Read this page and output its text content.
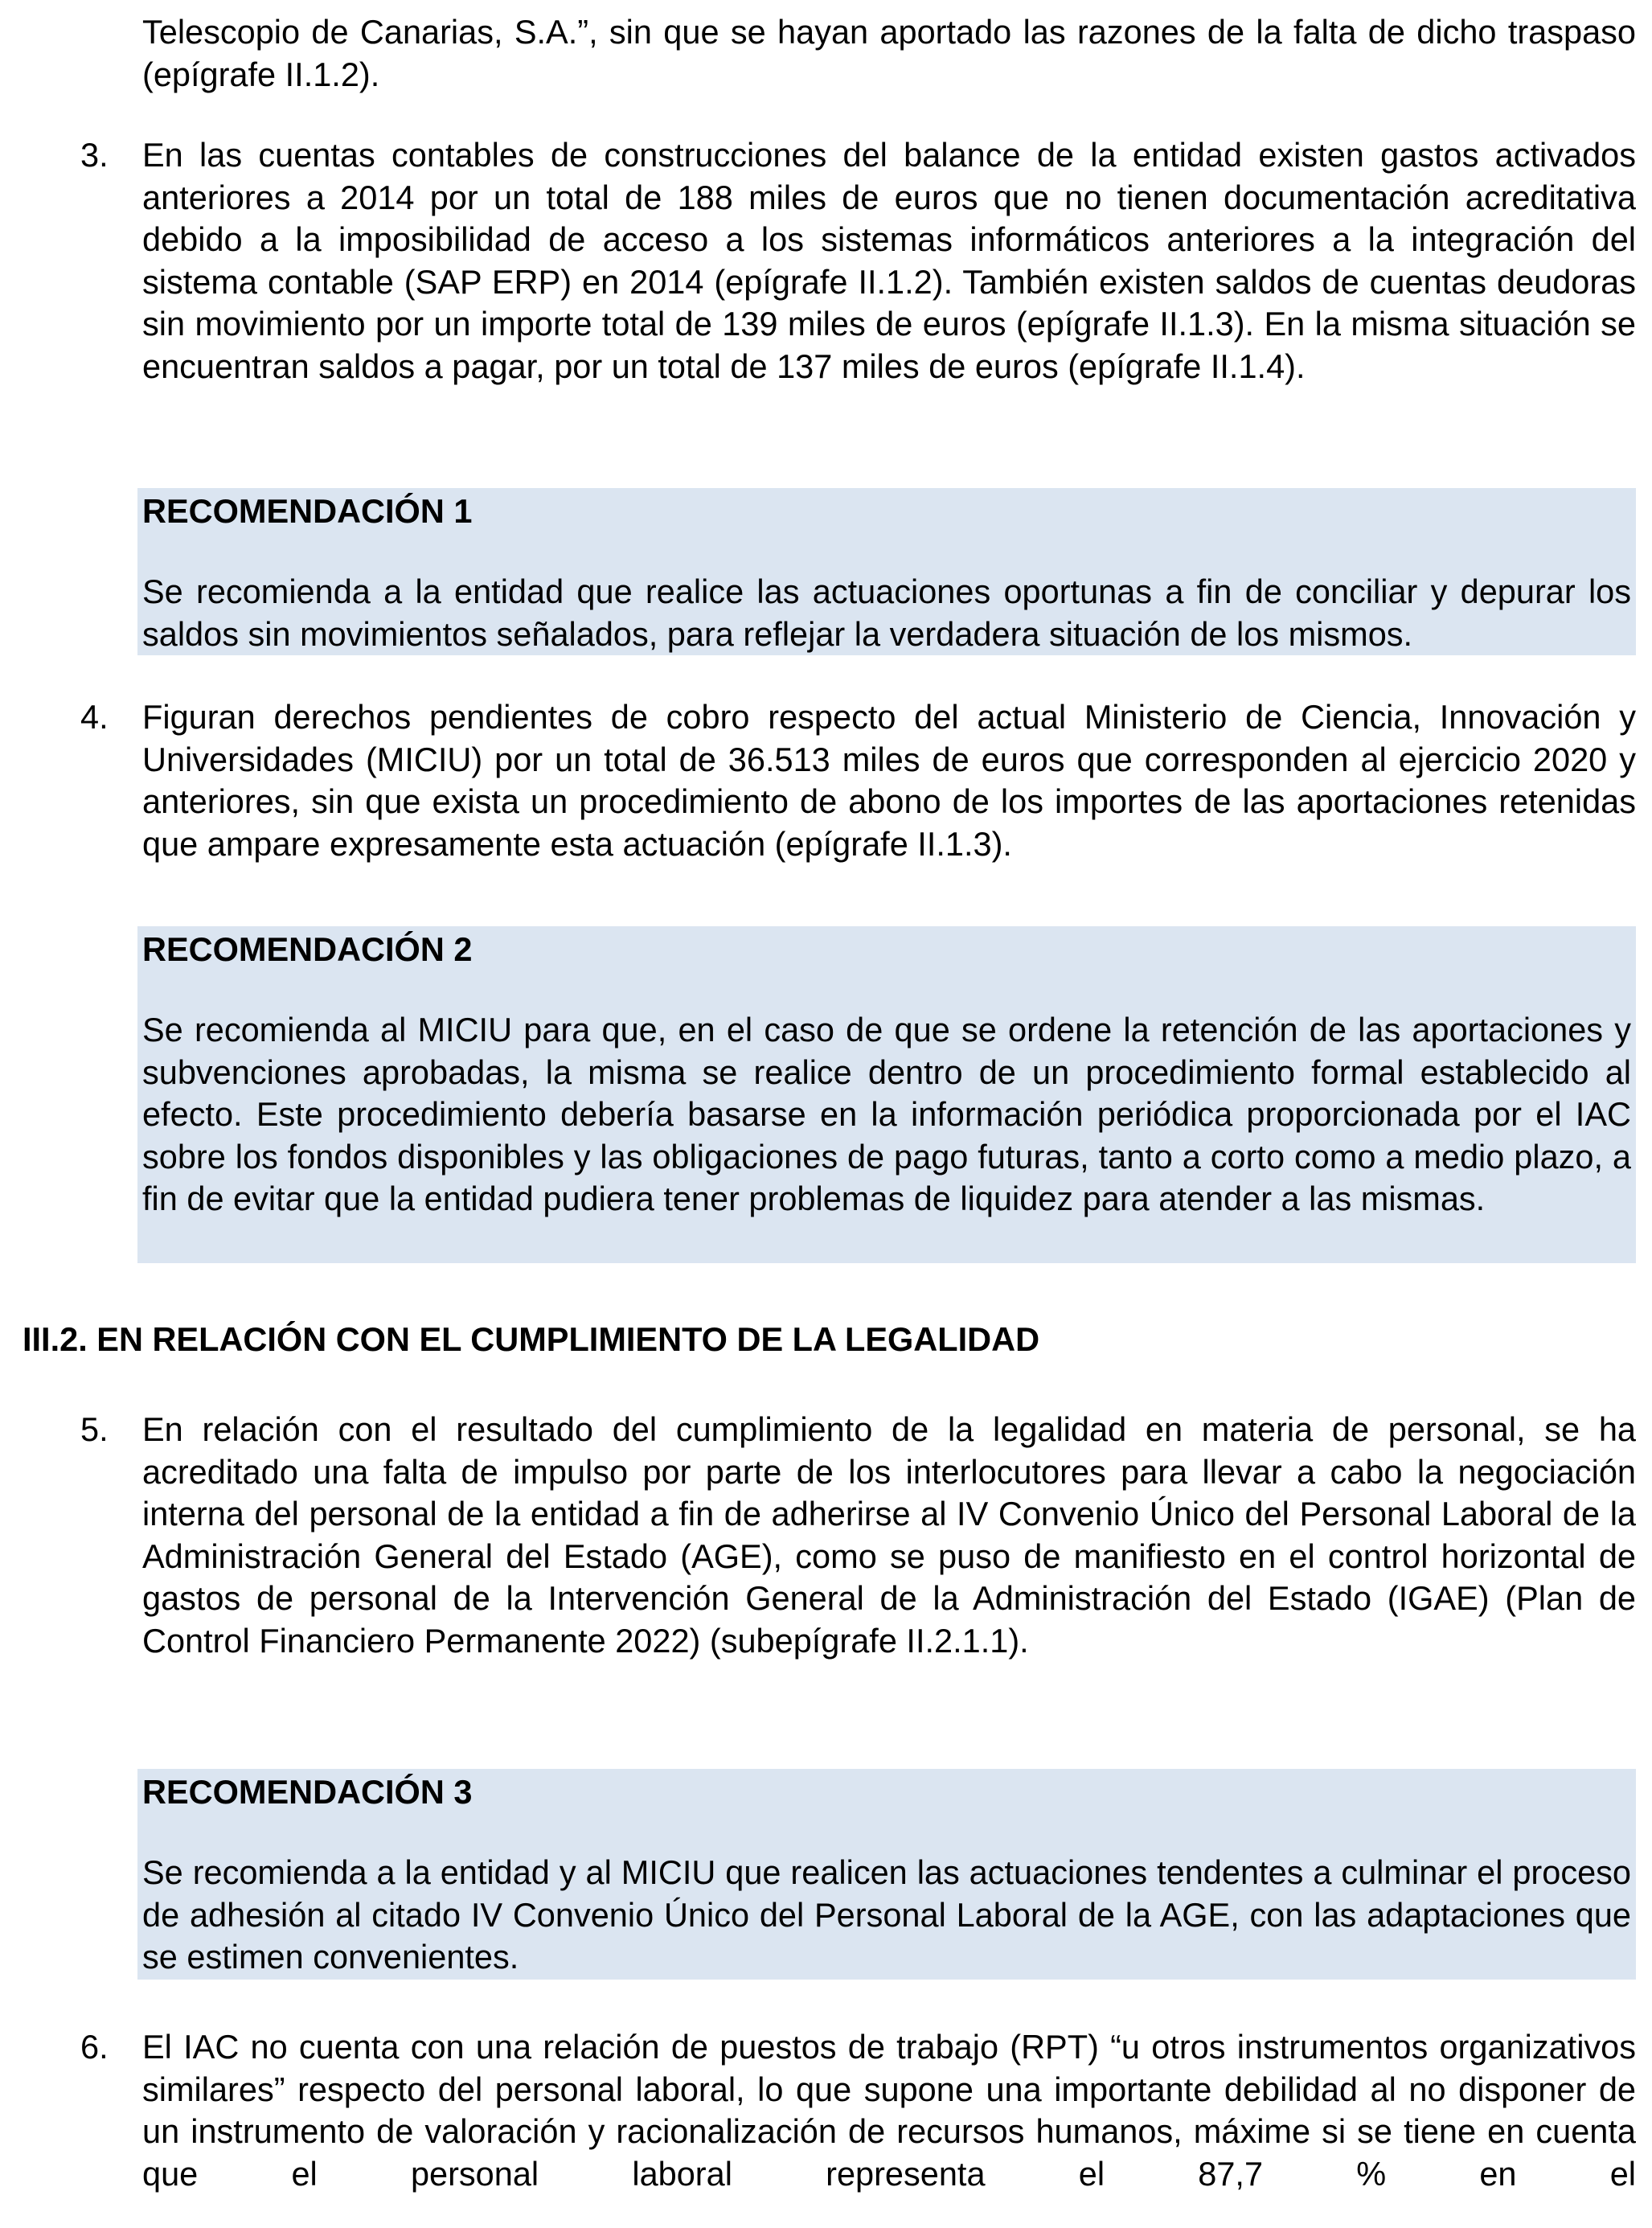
Telescopio de Canarias, S.A.”, sin que se hayan aportado las razones de la falta de dicho traspaso (epígrafe II.1.2).
3. En las cuentas contables de construcciones del balance de la entidad existen gastos activados anteriores a 2014 por un total de 188 miles de euros que no tienen documentación acreditativa debido a la imposibilidad de acceso a los sistemas informáticos anteriores a la integración del sistema contable (SAP ERP) en 2014 (epígrafe II.1.2). También existen saldos de cuentas deudoras sin movimiento por un importe total de 139 miles de euros (epígrafe II.1.3). En la misma situación se encuentran saldos a pagar, por un total de 137 miles de euros (epígrafe II.1.4).
RECOMENDACIÓN 1
Se recomienda a la entidad que realice las actuaciones oportunas a fin de conciliar y depurar los saldos sin movimientos señalados, para reflejar la verdadera situación de los mismos.
4. Figuran derechos pendientes de cobro respecto del actual Ministerio de Ciencia, Innovación y Universidades (MICIU) por un total de 36.513 miles de euros que corresponden al ejercicio 2020 y anteriores, sin que exista un procedimiento de abono de los importes de las aportaciones retenidas que ampare expresamente esta actuación (epígrafe II.1.3).
RECOMENDACIÓN 2
Se recomienda al MICIU para que, en el caso de que se ordene la retención de las aportaciones y subvenciones aprobadas, la misma se realice dentro de un procedimiento formal establecido al efecto. Este procedimiento debería basarse en la información periódica proporcionada por el IAC sobre los fondos disponibles y las obligaciones de pago futuras, tanto a corto como a medio plazo, a fin de evitar que la entidad pudiera tener problemas de liquidez para atender a las mismas.
III.2. EN RELACIÓN CON EL CUMPLIMIENTO DE LA LEGALIDAD
5. En relación con el resultado del cumplimiento de la legalidad en materia de personal, se ha acreditado una falta de impulso por parte de los interlocutores para llevar a cabo la negociación interna del personal de la entidad a fin de adherirse al IV Convenio Único del Personal Laboral de la Administración General del Estado (AGE), como se puso de manifiesto en el control horizontal de gastos de personal de la Intervención General de la Administración del Estado (IGAE) (Plan de Control Financiero Permanente 2022) (subepígrafe II.2.1.1).
RECOMENDACIÓN 3
Se recomienda a la entidad y al MICIU que realicen las actuaciones tendentes a culminar el proceso de adhesión al citado IV Convenio Único del Personal Laboral de la AGE, con las adaptaciones que se estimen convenientes.
6. El IAC no cuenta con una relación de puestos de trabajo (RPT) “u otros instrumentos organizativos similares” respecto del personal laboral, lo que supone una importante debilidad al no disponer de un instrumento de valoración y racionalización de recursos humanos, máxime si se tiene en cuenta que el personal laboral representa el 87,7 % en el
